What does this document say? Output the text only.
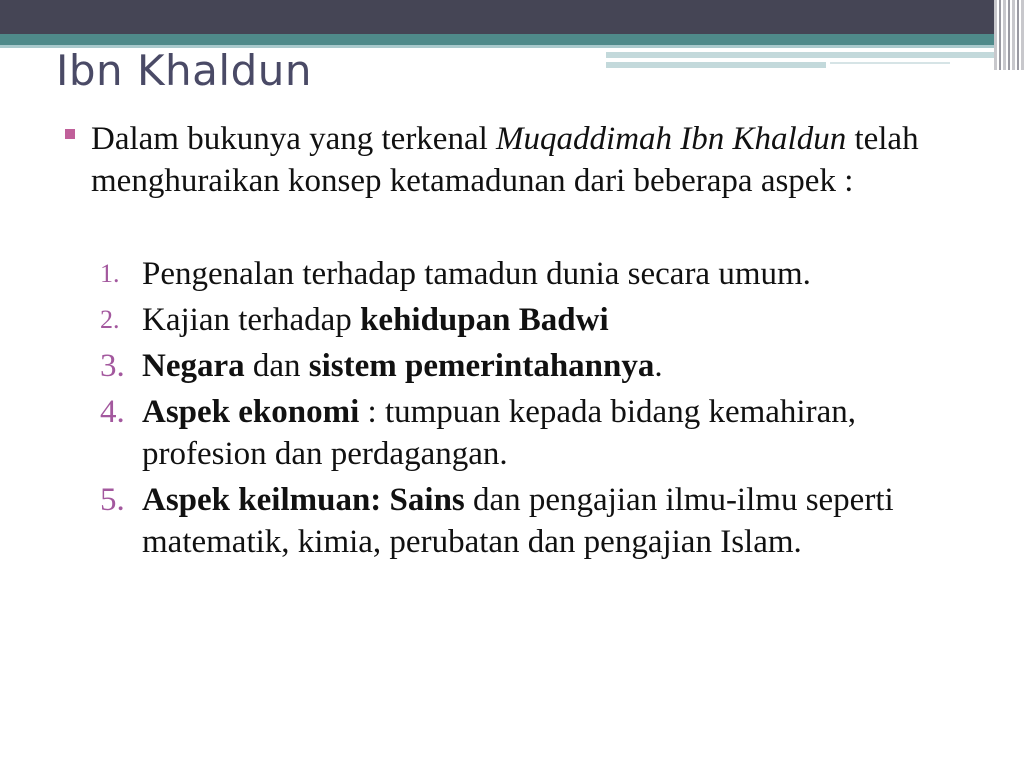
Ibn Khaldun
Dalam bukunya yang terkenal Muqaddimah Ibn Khaldun telah menghuraikan konsep ketamadunan dari beberapa aspek :
1. Pengenalan terhadap tamadun dunia secara umum.
2. Kajian terhadap kehidupan Badwi
3. Negara dan sistem pemerintahannya.
4. Aspek ekonomi : tumpuan kepada bidang kemahiran, profesion dan perdagangan.
5. Aspek keilmuan: Sains dan pengajian ilmu-ilmu seperti matematik, kimia, perubatan dan pengajian Islam.
